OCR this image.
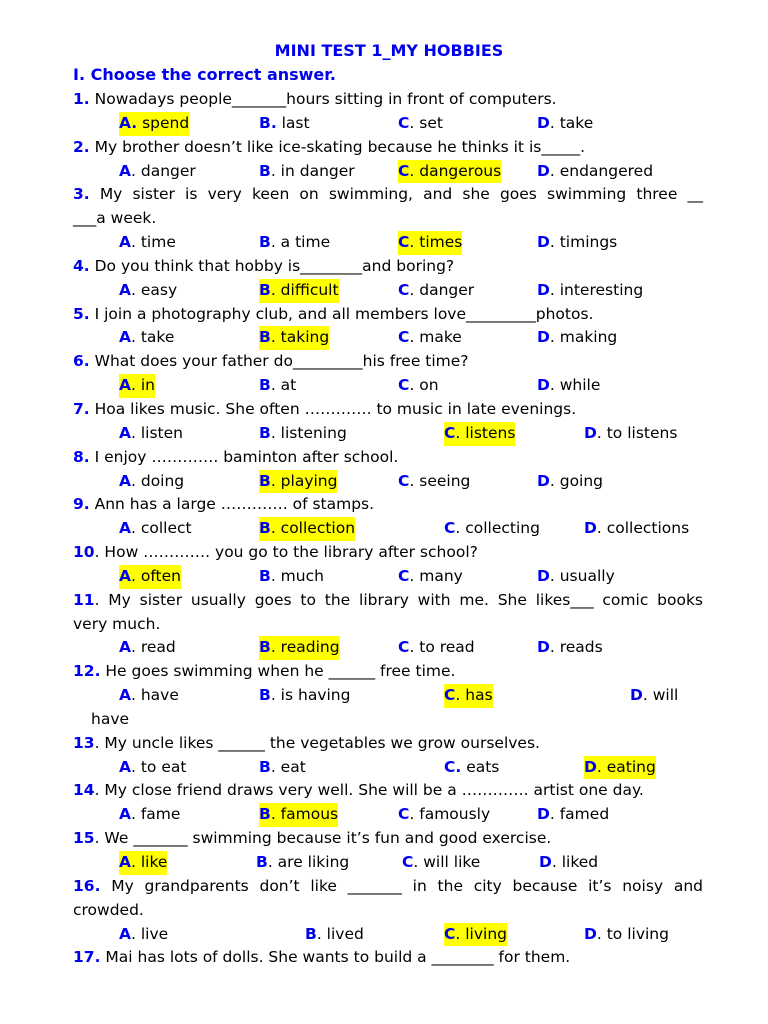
MINI TEST 1_MY HOBBIES
I. Choose the correct answer.
1. Nowadays people_______hours sitting in front of computers.
A. spend	B. last	C. set	D. take
2. My brother doesn’t like ice-skating because he thinks it is_____.
A. danger	B. in danger	C. dangerous D. endangered
3. My sister is very keen on swimming, and she goes swimming three __
___a week.
A. time	B. a time	C. times	D. timings
4. Do you think that hobby is________and boring?
A. easy	B. difficult	C. danger	D. interesting
5. I join a photography club, and all members love_________photos.
A. take	B. taking	C. make	D. making
6. What does your father do_________his free time?
A. in	B. at	C. on	D. while
7. Hoa likes music. She often …………. to music in late evenings.
A. listen	B. listening	C. listens	D. to listens
8. I enjoy …………. baminton after school.
A. doing	B. playing	C. seeing	D. going
9. Ann has a large …………. of stamps.
A. collect	B. collection	C. collecting	D. collections
10. How …………. you go to the library after school?
A. often	B. much	C. many	D. usually
11. My sister usually goes to the library with me. She likes___ comic books
very much.
A. read	B. reading	C. to read	D. reads
12. He goes swimming when he ______ free time.
A. have	B. is having	C. has	D. will
have
13. My uncle likes ______ the vegetables we grow ourselves.
A. to eat	B. eat	C. eats	D. eating
14. My close friend draws very well. She will be a …………. artist one day.
A. fame	B. famous	C. famously	D. famed
15. We _______ swimming because it’s fun and good exercise.
A. like	B. are liking	C. will like	D. liked
16. My grandparents don’t like _______ in the city because it’s noisy and
crowded.
A. live	B. lived	C. living	D. to living
17. Mai has lots of dolls. She wants to build a ________ for them.
